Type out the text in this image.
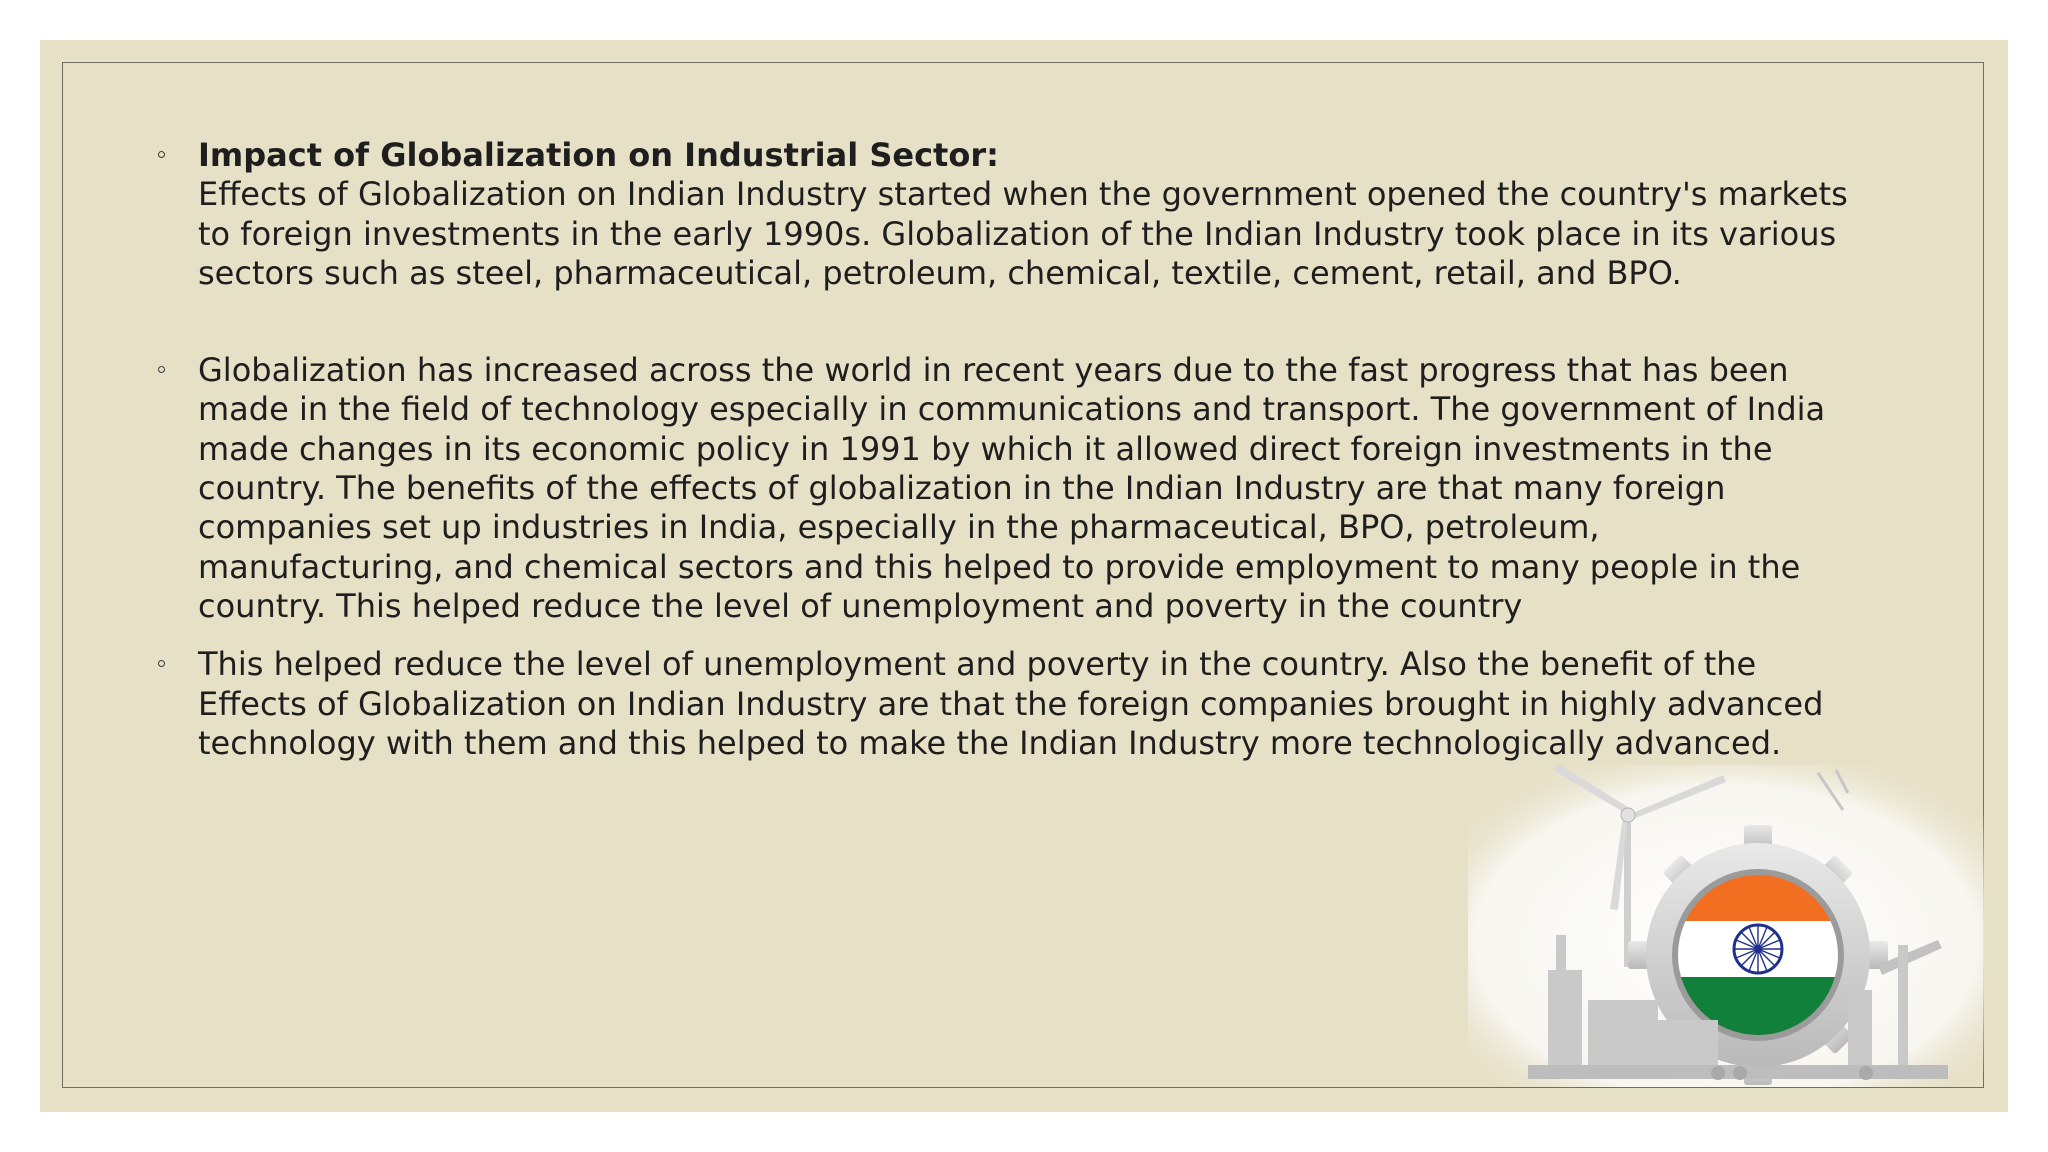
Impact of Globalization on Industrial Sector:
Effects of Globalization on Indian Industry started when the government opened the country's markets to foreign investments in the early 1990s. Globalization of the Indian Industry took place in its various sectors such as steel, pharmaceutical, petroleum, chemical, textile, cement, retail, and BPO.
Globalization has increased across the world in recent years due to the fast progress that has been made in the field of technology especially in communications and transport. The government of India made changes in its economic policy in 1991 by which it allowed direct foreign investments in the country. The benefits of the effects of globalization in the Indian Industry are that many foreign companies set up industries in India, especially in the pharmaceutical, BPO, petroleum, manufacturing, and chemical sectors and this helped to provide employment to many people in the country. This helped reduce the level of unemployment and poverty in the country
This helped reduce the level of unemployment and poverty in the country. Also the benefit of the Effects of Globalization on Indian Industry are that the foreign companies brought in highly advanced technology with them and this helped to make the Indian Industry more technologically advanced.
